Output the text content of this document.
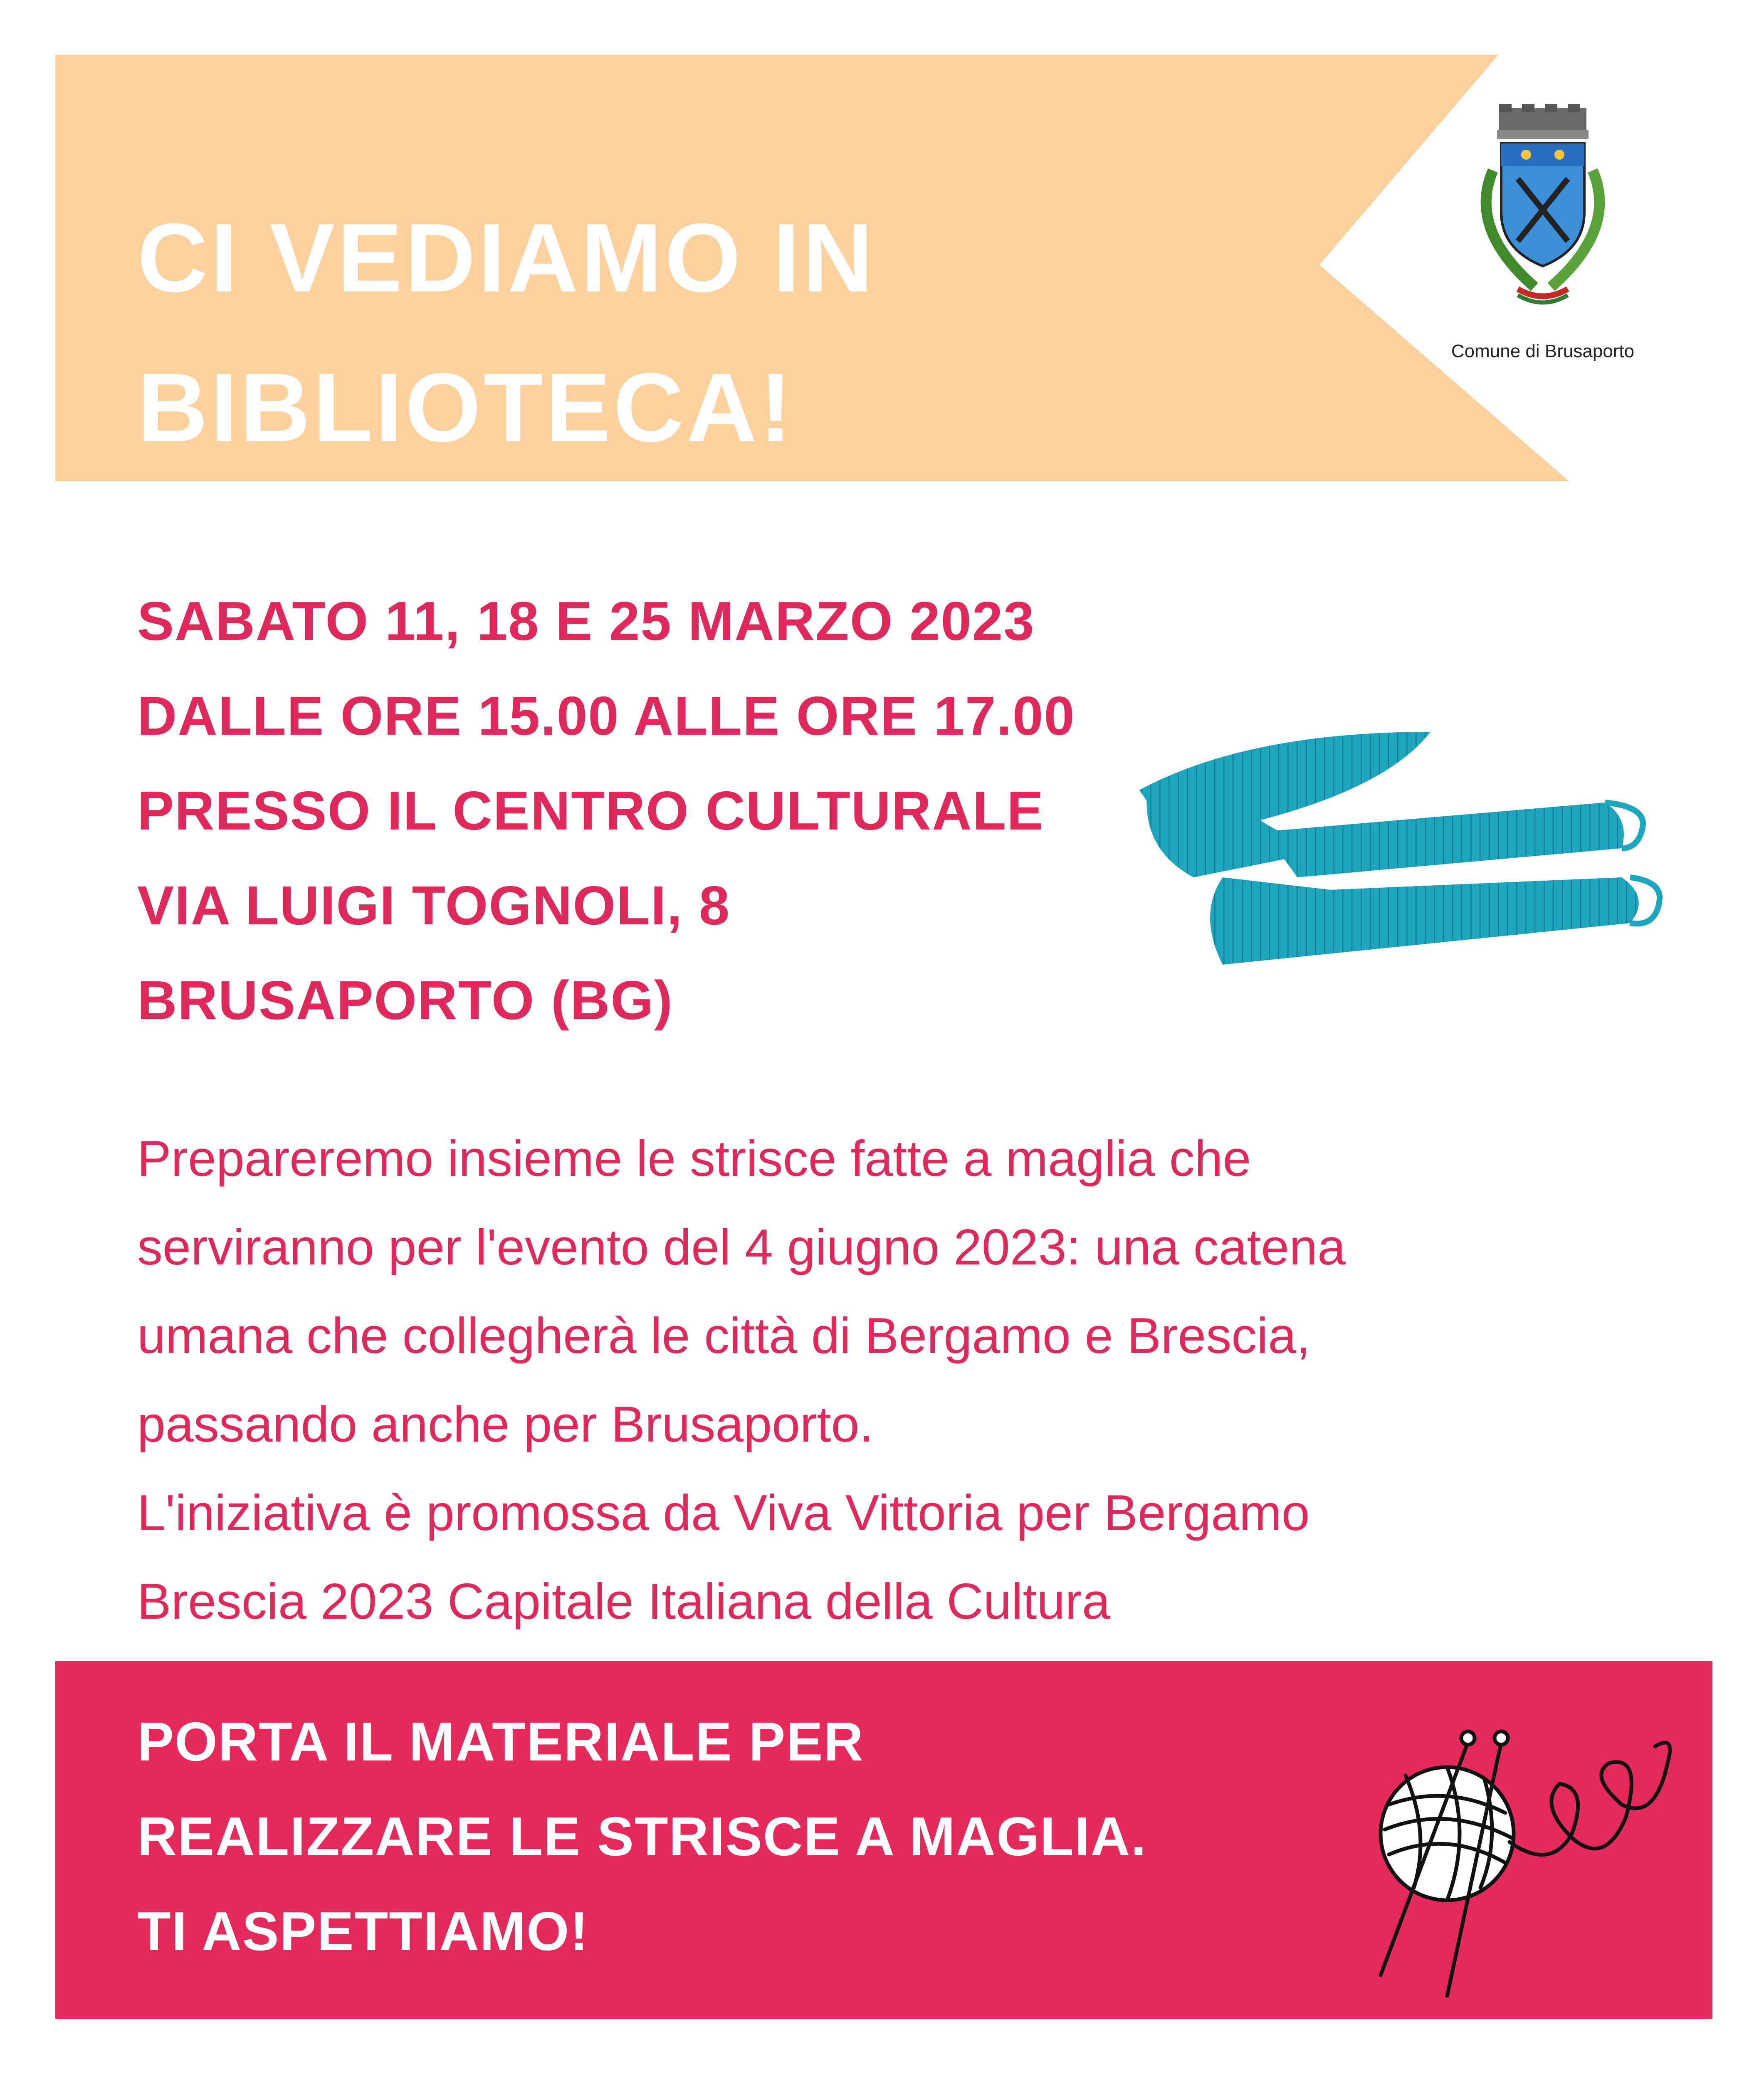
CI VEDIAMO IN
BIBLIOTECA!
Comune di Brusaporto
SABATO 11, 18 E 25 MARZO 2023
DALLE ORE 15.00 ALLE ORE 17.00
PRESSO IL CENTRO CULTURALE
VIA LUIGI TOGNOLI, 8
BRUSAPORTO (BG)
Prepareremo insieme le strisce fatte a maglia che
serviranno per l'evento del 4 giugno 2023: una catena
umana che collegherà le città di Bergamo e Brescia,
passando anche per Brusaporto.
L'iniziativa è promossa da Viva Vittoria per Bergamo
Brescia 2023 Capitale Italiana della Cultura
PORTA IL MATERIALE PER
REALIZZARE LE STRISCE A MAGLIA.
TI ASPETTIAMO!
